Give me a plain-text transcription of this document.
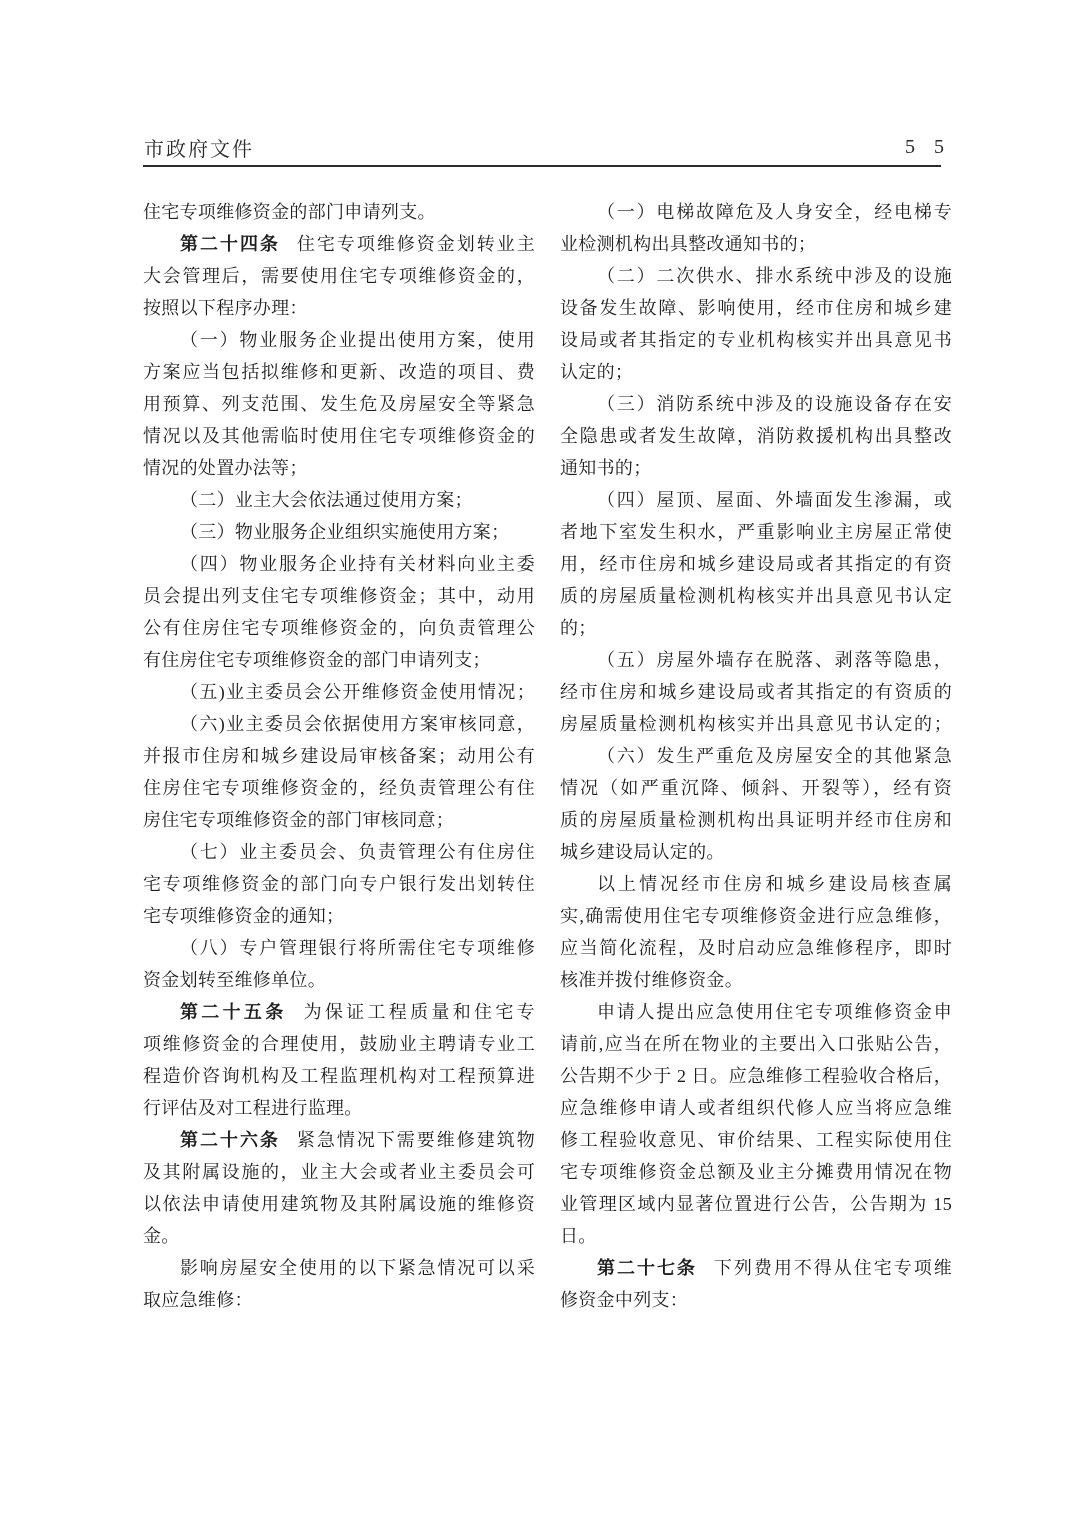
市政府文件	5 5
住宅专项维修资金的部门申请列支。
第二十四条 住宅专项维修资金划转业主
大会管理后，需要使用住宅专项维修资金的，
按照以下程序办理：
（一）物业服务企业提出使用方案，使用
方案应当包括拟维修和更新、改造的项目、费
用预算、列支范围、发生危及房屋安全等紧急
情况以及其他需临时使用住宅专项维修资金的
情况的处置办法等；
（二）业主大会依法通过使用方案；
（三）物业服务企业组织实施使用方案；
（四）物业服务企业持有关材料向业主委
员会提出列支住宅专项维修资金；其中，动用
公有住房住宅专项维修资金的，向负责管理公
有住房住宅专项维修资金的部门申请列支；
（五)业主委员会公开维修资金使用情况；
（六)业主委员会依据使用方案审核同意，
并报市住房和城乡建设局审核备案；动用公有
住房住宅专项维修资金的，经负责管理公有住
房住宅专项维修资金的部门审核同意；
（七）业主委员会、负责管理公有住房住
宅专项维修资金的部门向专户银行发出划转住
宅专项维修资金的通知；
（八）专户管理银行将所需住宅专项维修
资金划转至维修单位。
第二十五条 为保证工程质量和住宅专
项维修资金的合理使用，鼓励业主聘请专业工
程造价咨询机构及工程监理机构对工程预算进
行评估及对工程进行监理。
第二十六条 紧急情况下需要维修建筑物
及其附属设施的，业主大会或者业主委员会可
以依法申请使用建筑物及其附属设施的维修资
金。
影响房屋安全使用的以下紧急情况可以采
取应急维修：
（一）电梯故障危及人身安全，经电梯专
业检测机构出具整改通知书的；
（二）二次供水、排水系统中涉及的设施
设备发生故障、影响使用，经市住房和城乡建
设局或者其指定的专业机构核实并出具意见书
认定的；
（三）消防系统中涉及的设施设备存在安
全隐患或者发生故障，消防救援机构出具整改
通知书的；
（四）屋顶、屋面、外墙面发生渗漏，或
者地下室发生积水，严重影响业主房屋正常使
用，经市住房和城乡建设局或者其指定的有资
质的房屋质量检测机构核实并出具意见书认定
的；
（五）房屋外墙存在脱落、剥落等隐患，
经市住房和城乡建设局或者其指定的有资质的
房屋质量检测机构核实并出具意见书认定的；
（六）发生严重危及房屋安全的其他紧急
情况（如严重沉降、倾斜、开裂等），经有资
质的房屋质量检测机构出具证明并经市住房和
城乡建设局认定的。
以上情况经市住房和城乡建设局核查属
实,确需使用住宅专项维修资金进行应急维修，
应当简化流程，及时启动应急维修程序，即时
核准并拨付维修资金。
申请人提出应急使用住宅专项维修资金申
请前,应当在所在物业的主要出入口张贴公告，
公告期不少于 2 日。应急维修工程验收合格后，
应急维修申请人或者组织代修人应当将应急维
修工程验收意见、审价结果、工程实际使用住
宅专项维修资金总额及业主分摊费用情况在物
业管理区域内显著位置进行公告，公告期为 15
日。
第二十七条 下列费用不得从住宅专项维
修资金中列支：
